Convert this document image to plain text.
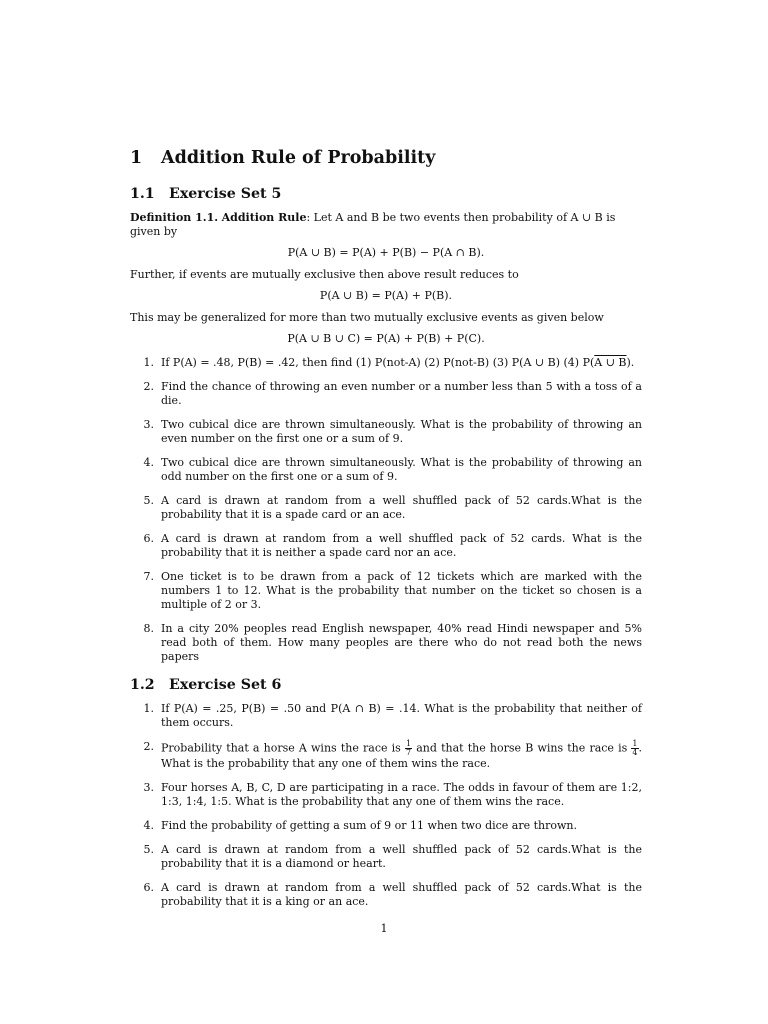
1	Addition Rule of Probability
1.1	Exercise Set 5

Definition 1.1. Addition Rule: Let A and B be two events then probability of A ∪ B is given by

P(A ∪ B) = P(A) + P(B) − P(A ∩ B).

Further, if events are mutually exclusive then above result reduces to

P(A ∪ B) = P(A) + P(B).

This may be generalized for more than two mutually exclusive events as given below

P(A ∪ B ∪ C) = P(A) + P(B) + P(C).
1. If P(A) = .48, P(B) = .42, then find (1) P(not-A) (2) P(not-B) (3) P(A ∪ B) (4) P(A ∪ B).
2. Find the chance of throwing an even number or a number less than 5 with a toss of a die.
3. Two cubical dice are thrown simultaneously. What is the probability of throwing an even number on the first one or a sum of 9.
4. Two cubical dice are thrown simultaneously. What is the probability of throwing an odd number on the first one or a sum of 9.
5. A card is drawn at random from a well shuffled pack of 52 cards.What is the probability that it is a spade card or an ace.
6. A card is drawn at random from a well shuffled pack of 52 cards. What is the probability that it is neither a spade card nor an ace.
7. One ticket is to be drawn from a pack of 12 tickets which are marked with the numbers 1 to 12. What is the probability that number on the ticket so chosen is a multiple of 2 or 3.
8. In a city 20% peoples read English newspaper, 40% read Hindi newspaper and 5% read both of them. How many peoples are there who do not read both the news papers
1.2	Exercise Set 6
1. If P(A) = .25, P(B) = .50 and P(A ∩ B) = .14. What is the probability that neither of them occurs.
2. Probability that a horse A wins the race is $\frac{1}{7}$ and that the horse B wins the race is $\frac{1}{4}$ . What is the probability that any one of them wins the race.
3. Four horses A, B, C, D are participating in a race. The odds in favour of them are 1:2, 1:3, 1:4, 1:5. What is the probability that any one of them wins the race.
4. Find the probability of getting a sum of 9 or 11 when two dice are thrown.
5. A card is drawn at random from a well shuffled pack of 52 cards.What is the probability that it is a diamond or heart.
6. A card is drawn at random from a well shuffled pack of 52 cards.What is the probability that it is a king or an ace.
1
